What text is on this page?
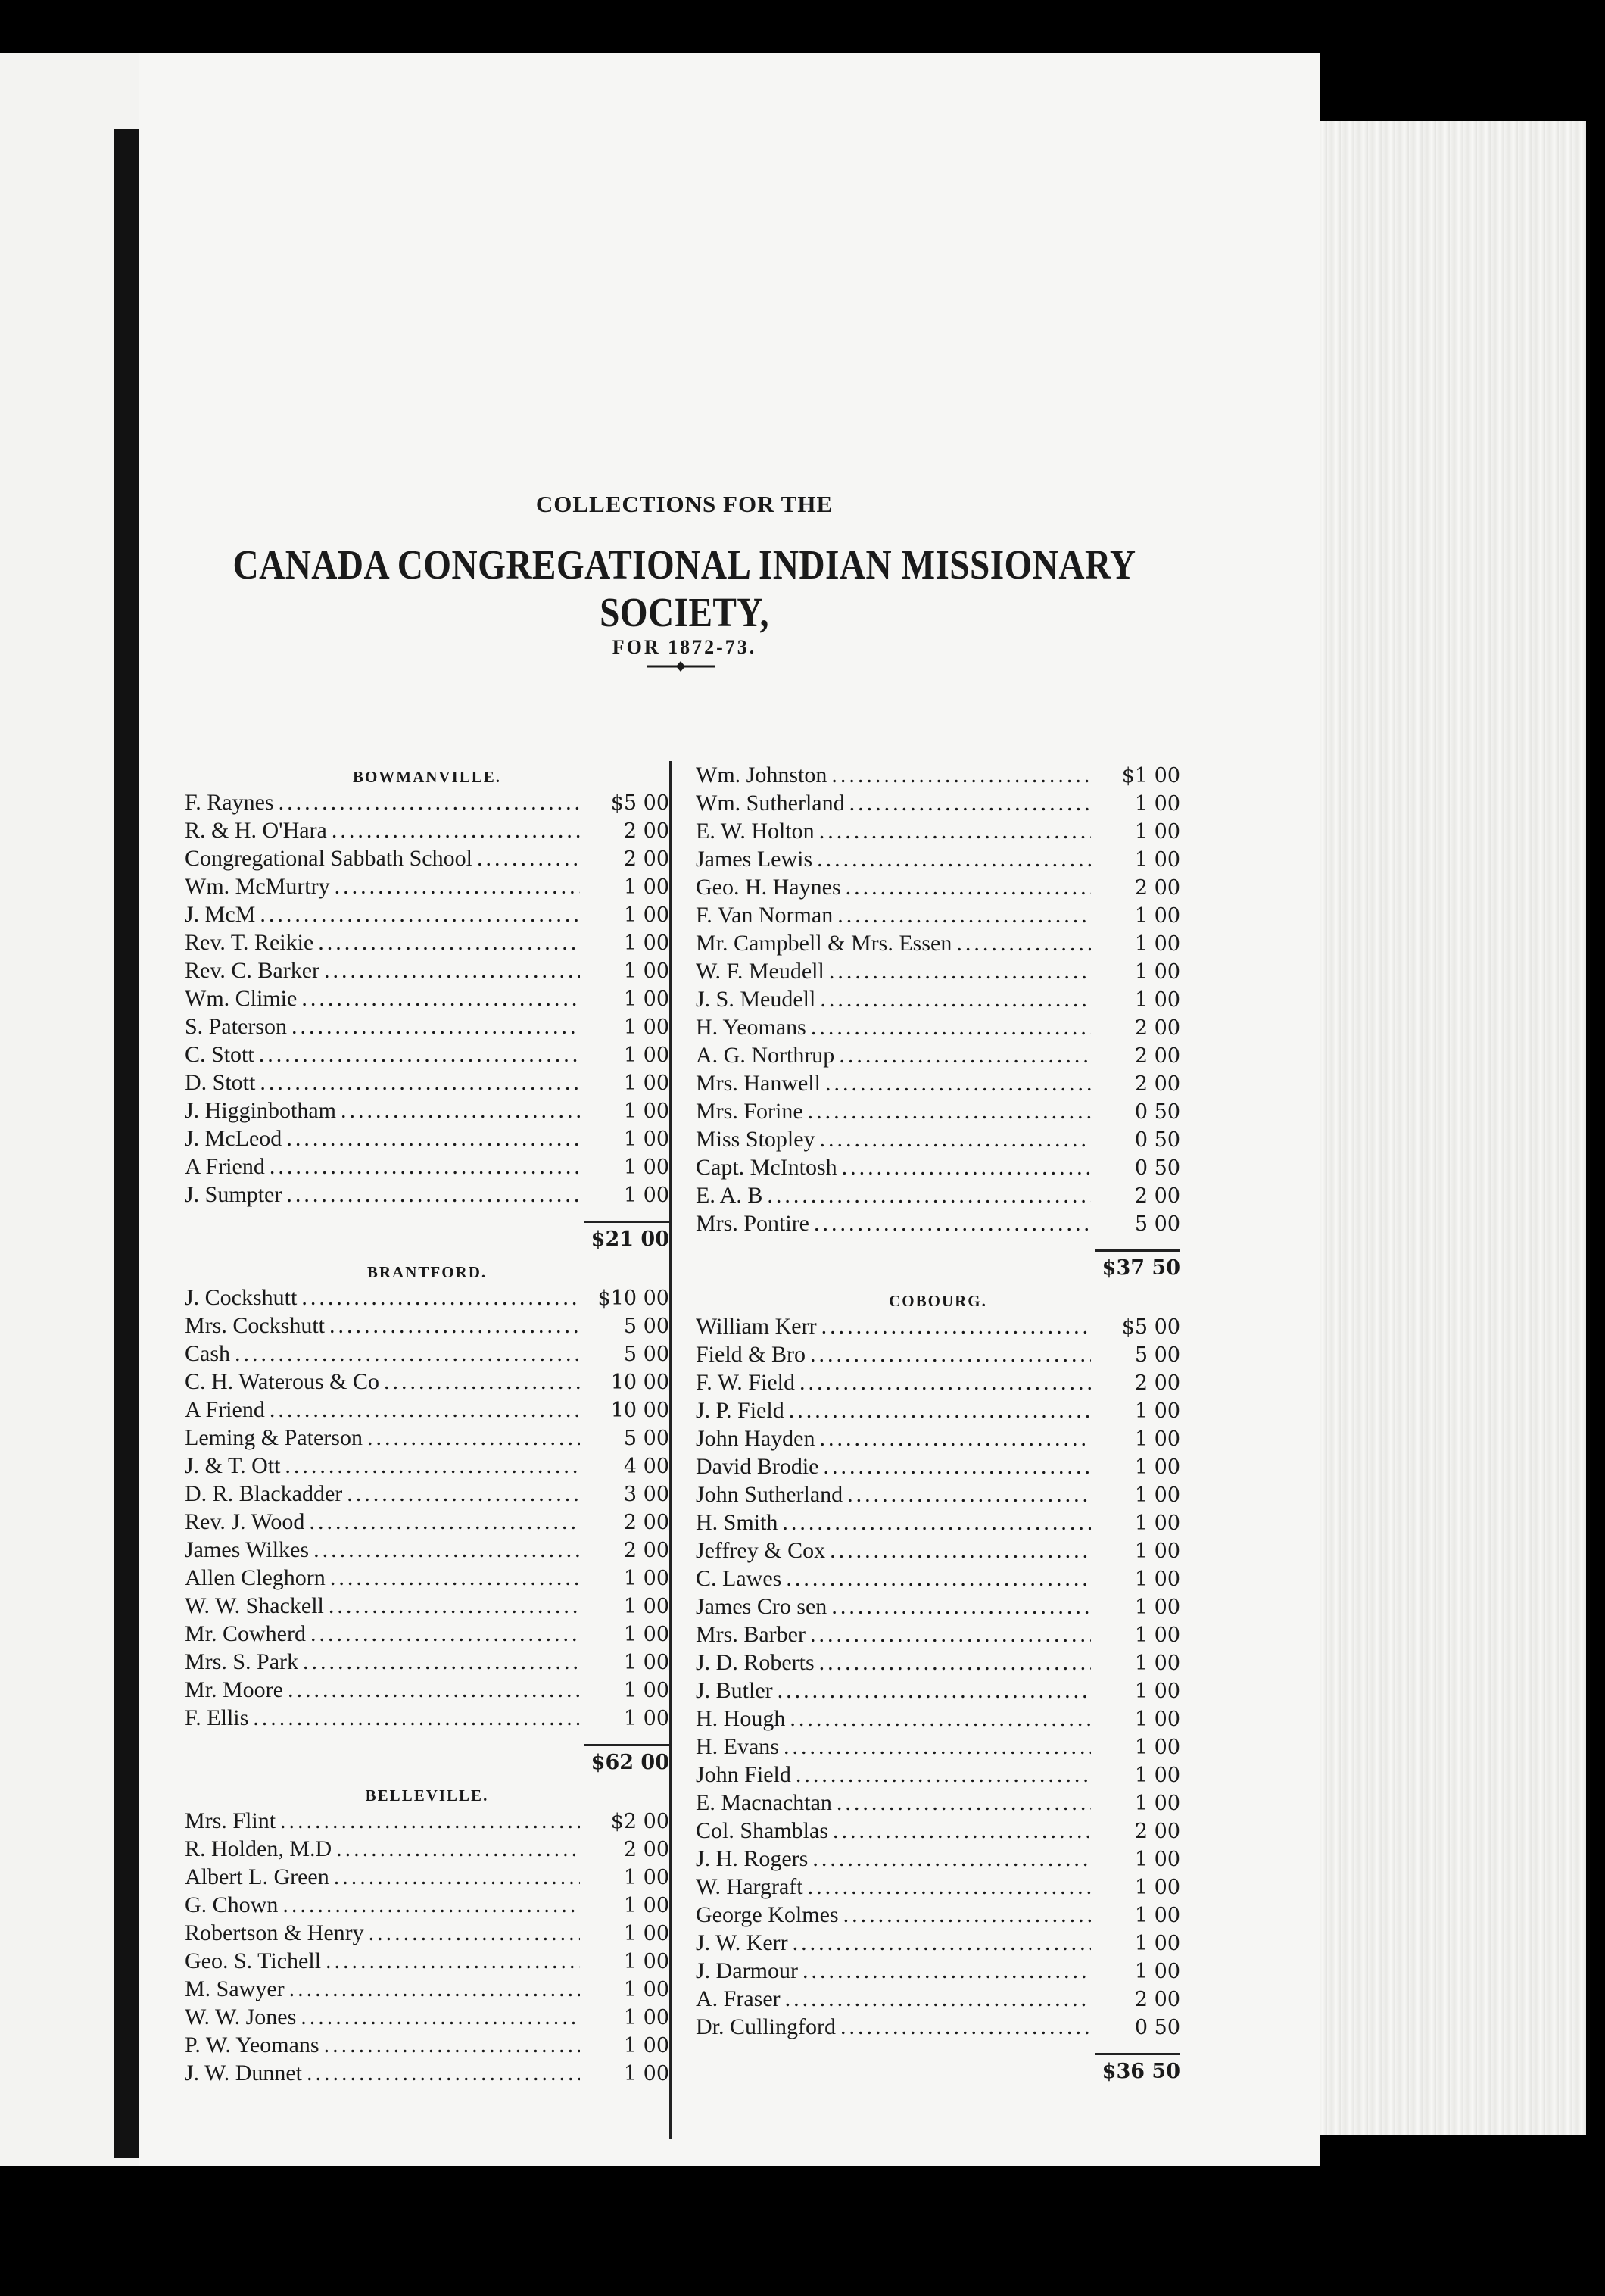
COLLECTIONS FOR THE
CANADA CONGREGATIONAL INDIAN MISSIONARY SOCIETY,
FOR 1872-73.
BOWMANVILLE.
F. Raynes .....	$5 00
R. & H. O'Hara .....	2 00
Congregational Sabbath School .....	2 00
Wm. McMurtry .....	1 00
J. McM .....	1 00
Rev. T. Reikie .....	1 00
Rev. C. Barker .....	1 00
Wm. Climie .....	1 00
S. Paterson .....	1 00
C. Stott .....	1 00
D. Stott .....	1 00
J. Higginbotham .....	1 00
J. McLeod .....	1 00
A Friend .....	1 00
J. Sumpter .....	1 00
$21 00
BRANTFORD.
J. Cockshutt .....	$10 00
Mrs. Cockshutt .....	5 00
Cash .....	5 00
C. H. Waterous & Co .....	10 00
A Friend .....	10 00
Leming & Paterson .....	5 00
J. & T. Ott .....	4 00
D. R. Blackadder .....	3 00
Rev. J. Wood .....	2 00
James Wilkes .....	2 00
Allen Cleghorn .....	1 00
W. W. Shackell .....	1 00
Mr. Cowherd .....	1 00
Mrs. S. Park .....	1 00
Mr. Moore .....	1 00
F. Ellis .....	1 00
$62 00
BELLEVILLE.
Mrs. Flint .....	$2 00
R. Holden, M.D .....	2 00
Albert L. Green .....	1 00
G. Chown .....	1 00
Robertson & Henry .....	1 00
Geo. S. Tichell .....	1 00
M. Sawyer .....	1 00
W. W. Jones .....	1 00
P. W. Yeomans .....	1 00
J. W. Dunnet .....	1 00
Wm. Johnston .....	$1 00
Wm. Sutherland .....	1 00
E. W. Holton .....	1 00
James Lewis .....	1 00
Geo. H. Haynes .....	2 00
F. Van Norman .....	1 00
Mr. Campbell & Mrs. Essen .....	1 00
W. F. Meudell .....	1 00
J. S. Meudell .....	1 00
H. Yeomans .....	2 00
A. G. Northrup .....	2 00
Mrs. Hanwell .....	2 00
Mrs. Forine .....	0 50
Miss Stopley .....	0 50
Capt. McIntosh .....	0 50
E. A. B .....	2 00
Mrs. Pontire .....	5 00
$37 50
COBOURG.
William Kerr .....	$5 00
Field & Bro .....	5 00
F. W. Field .....	2 00
J. P. Field .....	1 00
John Hayden .....	1 00
David Brodie .....	1 00
John Sutherland .....	1 00
H. Smith .....	1 00
Jeffrey & Cox .....	1 00
C. Lawes .....	1 00
James Cro sen .....	1 00
Mrs. Barber .....	1 00
J. D. Roberts .....	1 00
J. Butler .....	1 00
H. Hough .....	1 00
H. Evans .....	1 00
John Field .....	1 00
E. Macnachtan .....	1 00
Col. Shamblas .....	2 00
J. H. Rogers .....	1 00
W. Hargraft .....	1 00
George Kolmes .....	1 00
J. W. Kerr .....	1 00
J. Darmour .....	1 00
A. Fraser .....	2 00
Dr. Cullingford .....	0 50
$36 50
